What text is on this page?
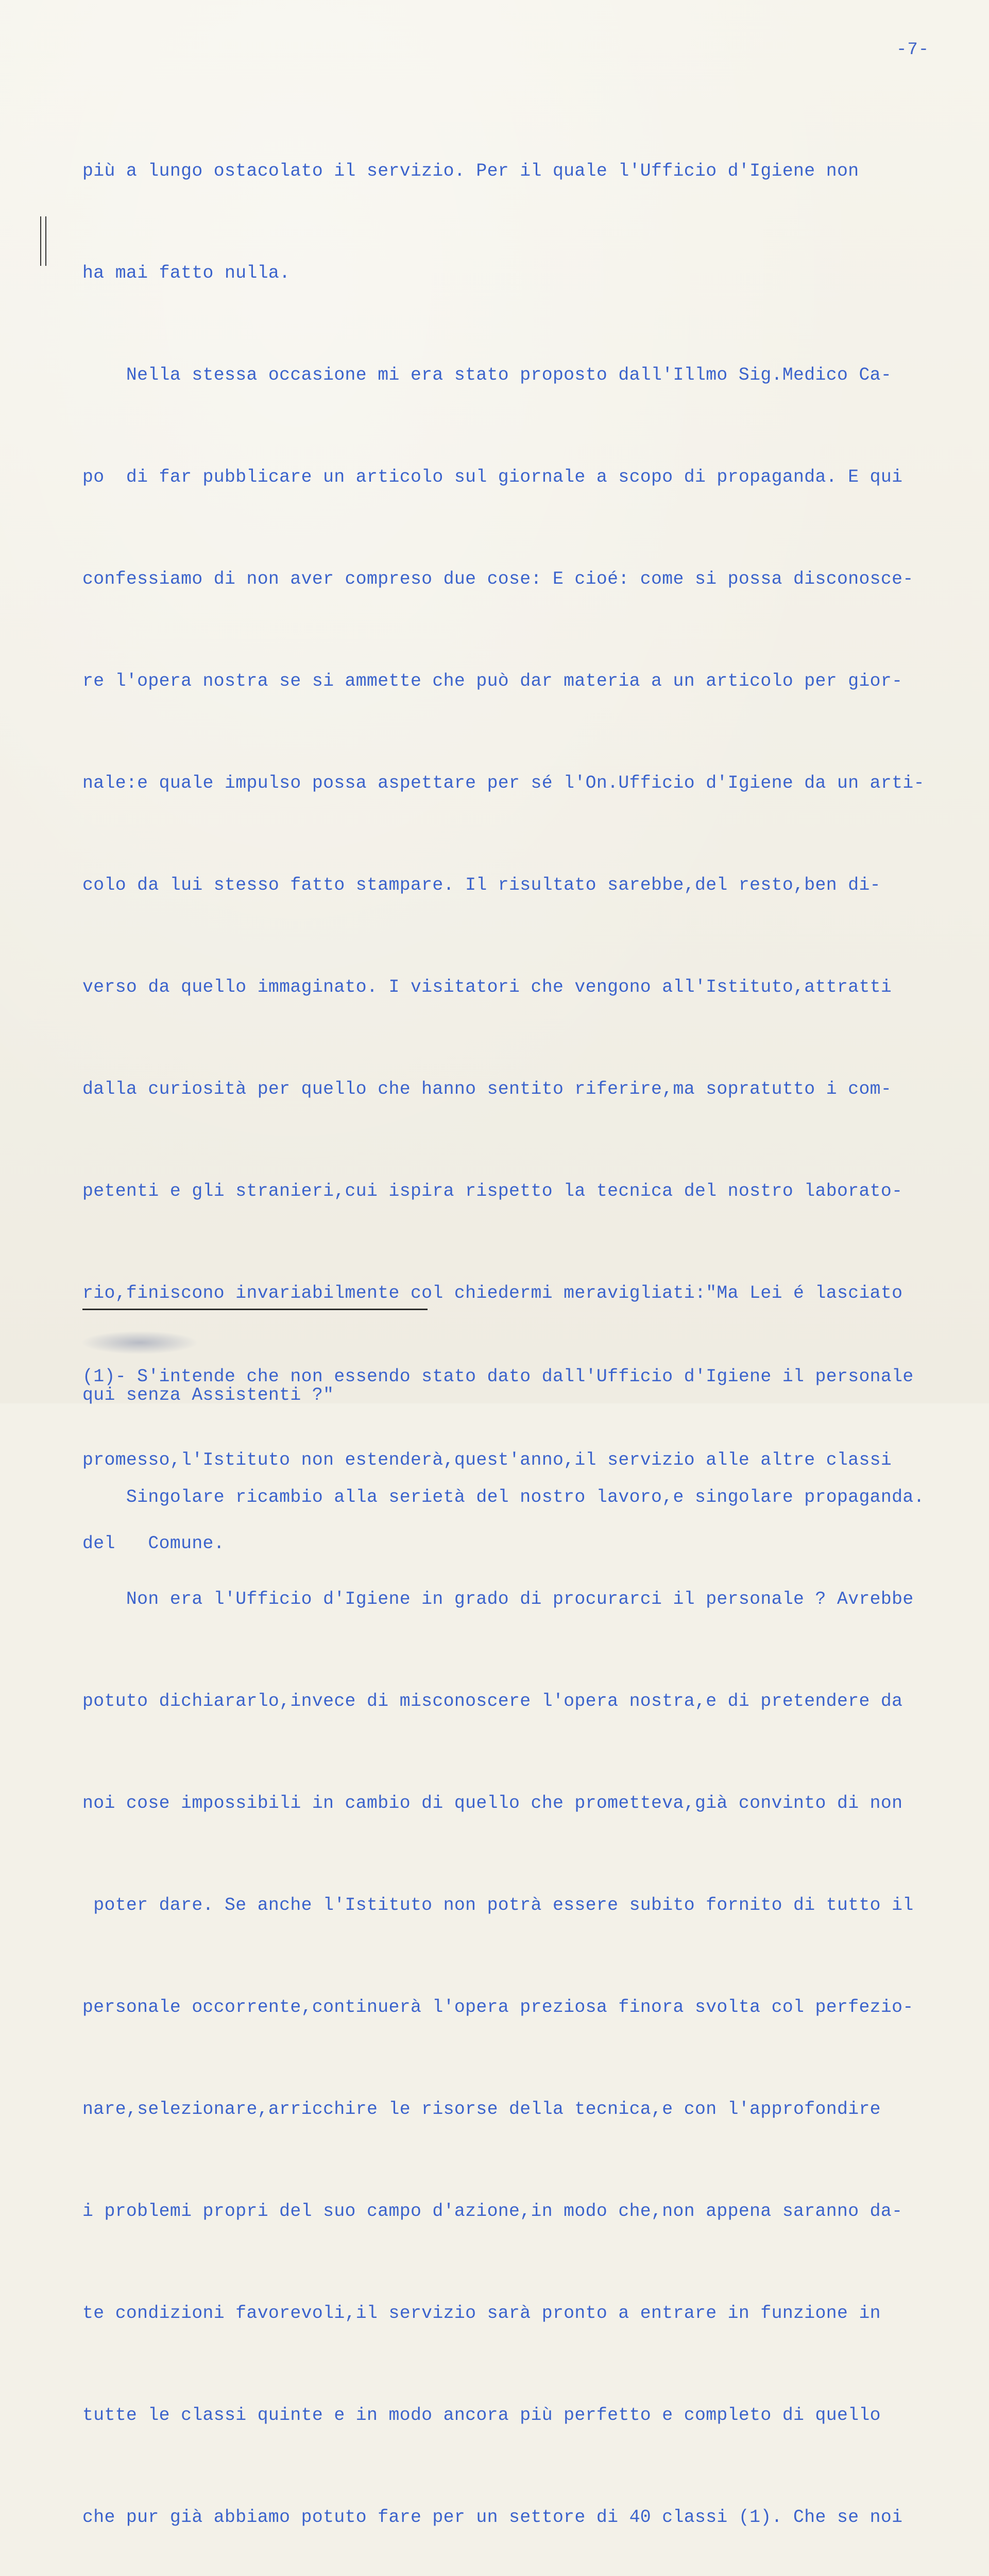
-7-

più a lungo ostacolato il servizio. Per il quale l'Ufficio d'Igiene non

ha mai fatto nulla.

Nella stessa occasione mi era stato proposto dall'Illmo Sig.Medico Ca-

po  di far pubblicare un articolo sul giornale a scopo di propaganda. E qui

confessiamo di non aver compreso due cose: E cioé: come si possa disconosce-

re l'opera nostra se si ammette che può dar materia a un articolo per gior-

nale:e quale impulso possa aspettare per sé l'On.Ufficio d'Igiene da un arti-

colo da lui stesso fatto stampare. Il risultato sarebbe,del resto,ben di-

verso da quello immaginato. I visitatori che vengono all'Istituto,attratti

dalla curiosità per quello che hanno sentito riferire,ma sopratutto i com-

petenti e gli stranieri,cui ispira rispetto la tecnica del nostro laborato-

rio,finiscono invariabilmente col chiedermi meravigliati:"Ma Lei é lasciato

qui senza Assistenti ?"

Singolare ricambio alla serietà del nostro lavoro,e singolare propaganda.

Non era l'Ufficio d'Igiene in grado di procurarci il personale ? Avrebbe

potuto dichiararlo,invece di misconoscere l'opera nostra,e di pretendere da

noi cose impossibili in cambio di quello che prometteva,già convinto di non

poter dare. Se anche l'Istituto non potrà essere subito fornito di tutto il

personale occorrente,continuerà l'opera preziosa finora svolta col perfezio-

nare,selezionare,arricchire le risorse della tecnica,e con l'approfondire

i problemi propri del suo campo d'azione,in modo che,non appena saranno da-

te condizioni favorevoli,il servizio sarà pronto a entrare in funzione in

tutte le classi quinte e in modo ancora più perfetto e completo di quello

che pur già abbiamo potuto fare per un settore di 40 classi (1). Che se noi

(1)- S'intende che non essendo stato dato dall'Ufficio d'Igiene il personale

promesso,l'Istituto non estenderà,quest'anno,il servizio alle altre classi

del   Comune.
